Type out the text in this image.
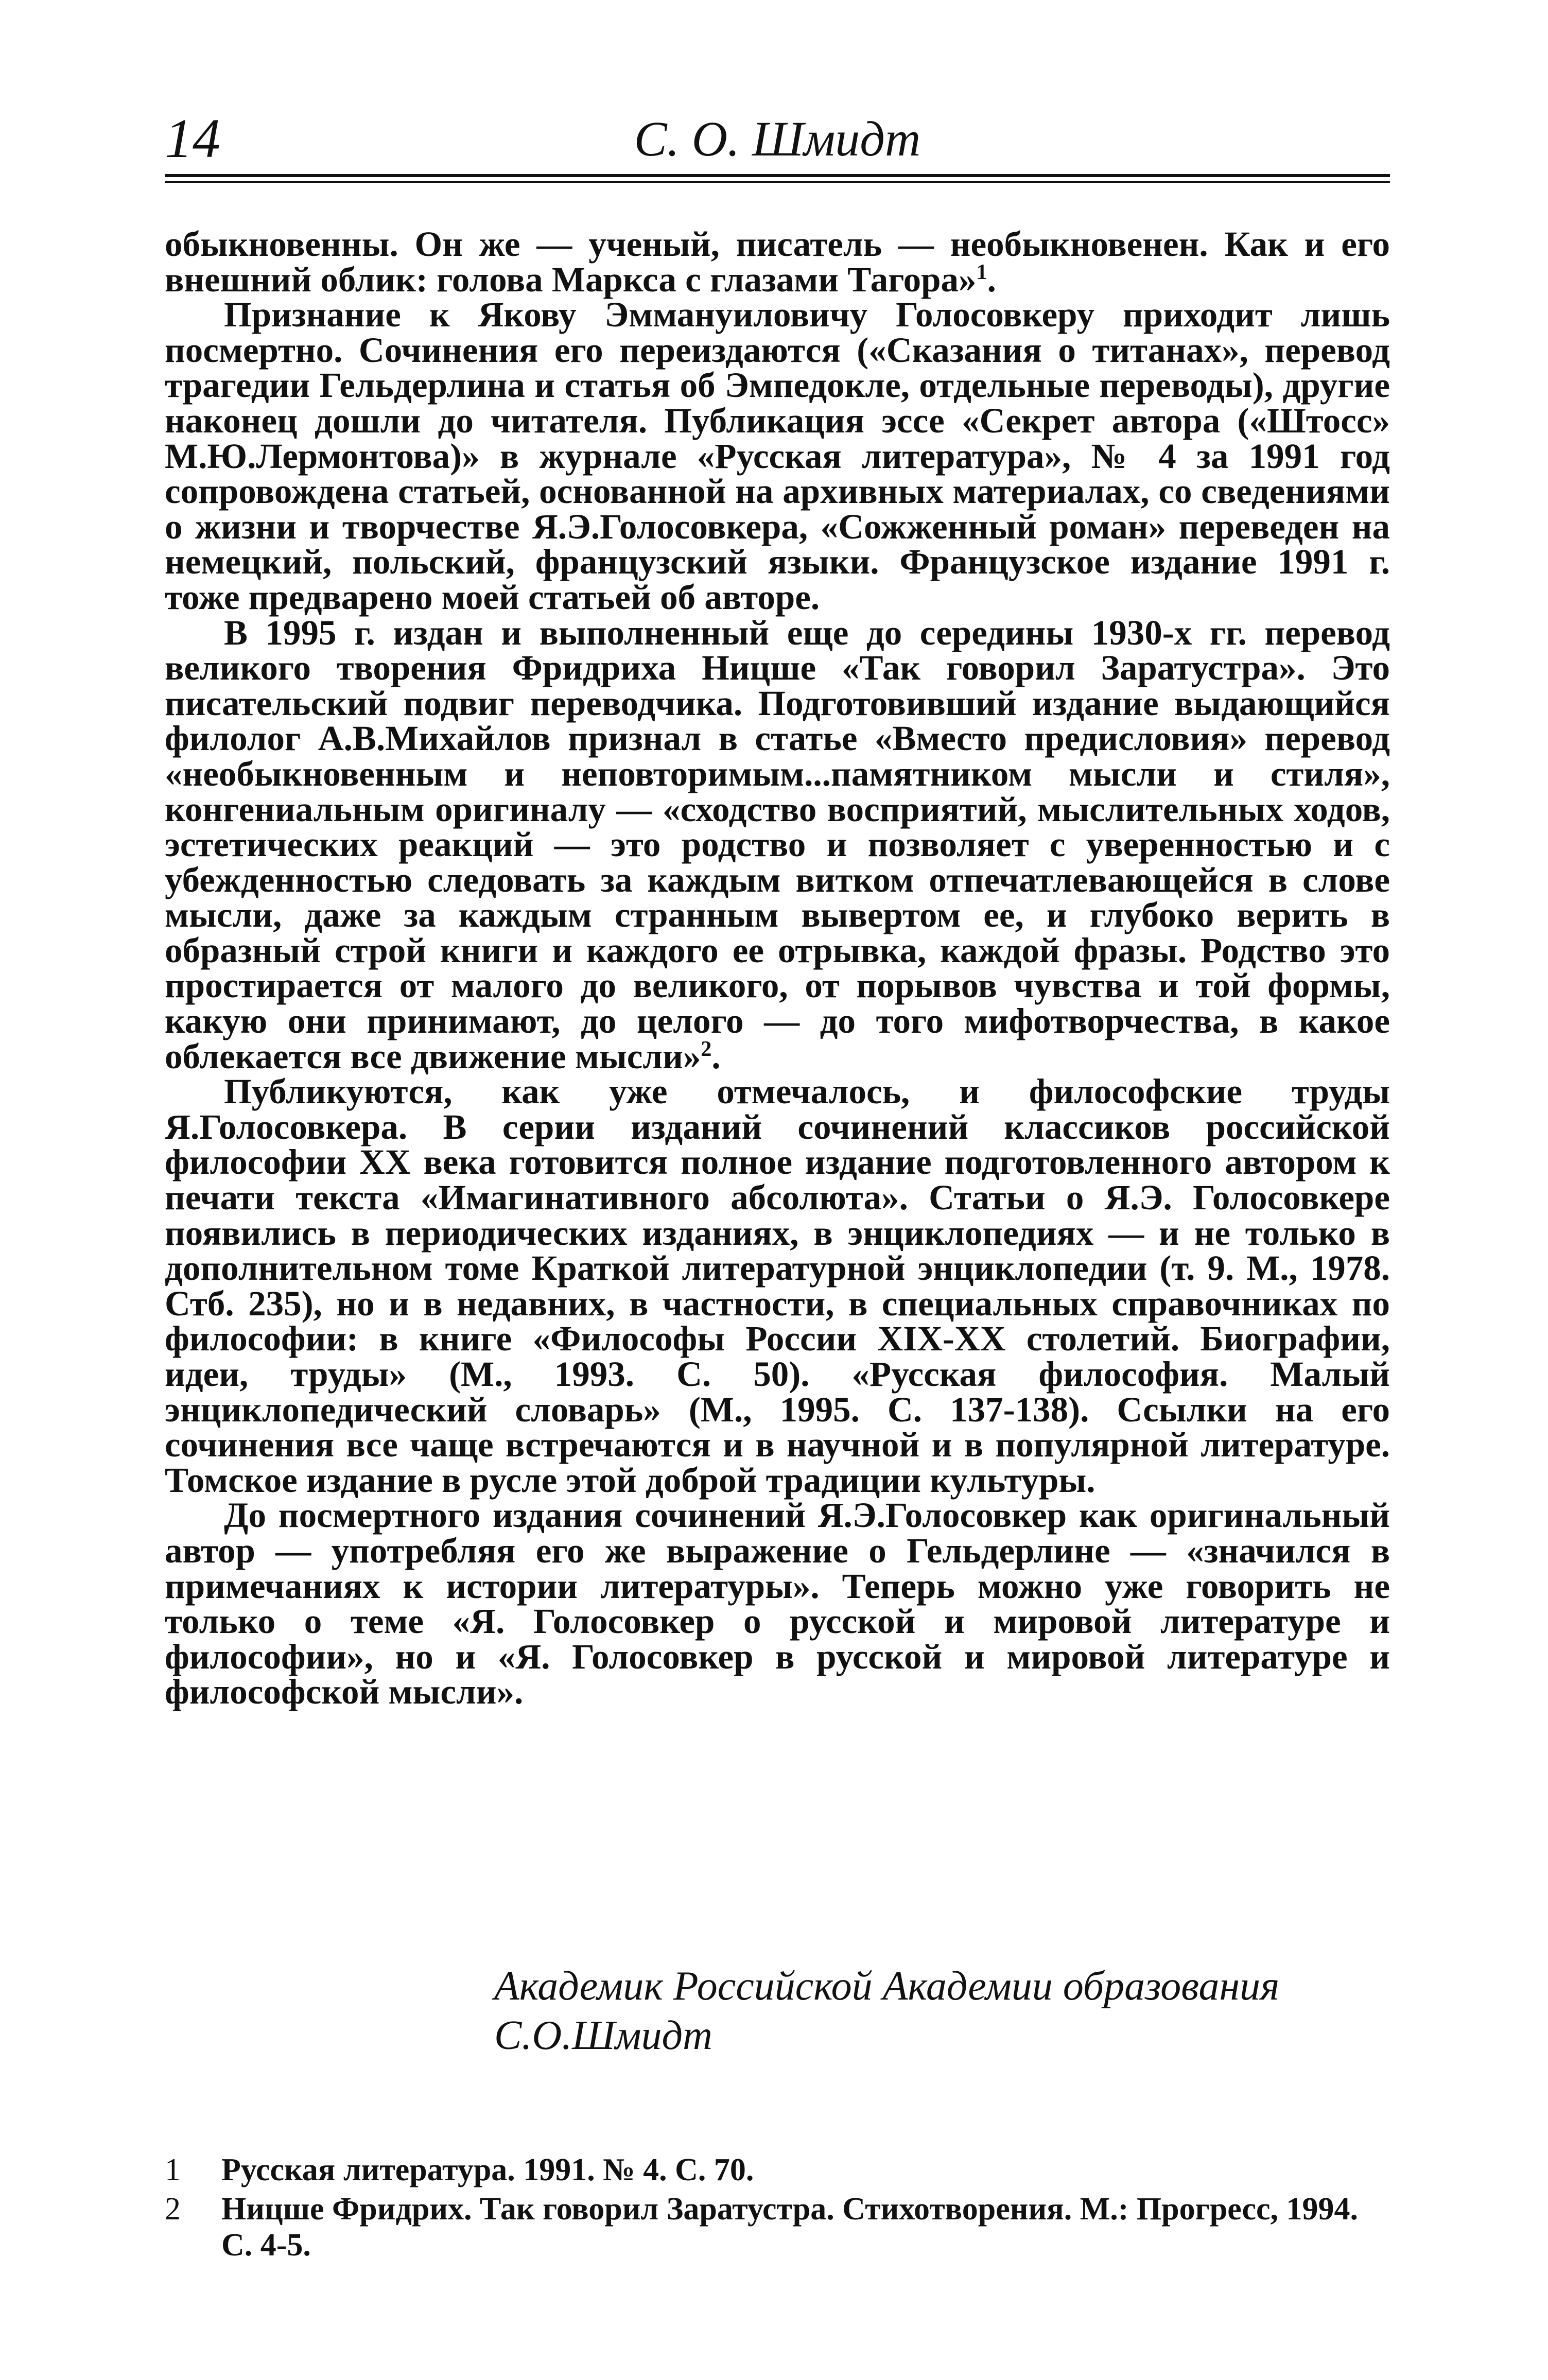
14	С. О. Шмидт

обыкновенны. Он же — ученый, писатель — необыкновенен. Как и его внешний облик: голова Маркса с глазами Тагора»$^1$.

Признание к Якову Эммануиловичу Голосовкеру приходит лишь посмертно. Сочинения его переиздаются («Сказания о титанах», перевод трагедии Гельдерлина и статья об Эмпедокле, отдельные переводы), другие наконец дошли до читателя. Публикация эссе «Секрет автора («Штосс» М.Ю.Лермонтова)» в журнале «Русская литература», № 4 за 1991 год сопровождена статьей, основанной на архивных материалах, со сведениями о жизни и творчестве Я.Э.Голосовкера, «Сожженный роман» переведен на немецкий, польский, французский языки. Французское издание 1991 г. тоже предварено моей статьей об авторе.

В 1995 г. издан и выполненный еще до середины 1930-х гг. перевод великого творения Фридриха Ницше «Так говорил Заратустра». Это писательский подвиг переводчика. Подготовивший издание выдающийся филолог А.В.Михайлов признал в статье «Вместо предисловия» перевод «необыкновенным и неповторимым...памятником мысли и стиля», конгениальным оригиналу — «сходство восприятий, мыслительных ходов, эстетических реакций — это родство и позволяет с уверенностью и с убежденностью следовать за каждым витком отпечатлевающейся в слове мысли, даже за каждым странным вывертом ее, и глубоко верить в образный строй книги и каждого ее отрывка, каждой фразы. Родство это простирается от малого до великого, от порывов чувства и той формы, какую они принимают, до целого — до того мифотворчества, в какое облекается все движение мысли»$^2$.

Публикуются, как уже отмечалось, и философские труды Я.Голосовкера. В серии изданий сочинений классиков российской философии XX века готовится полное издание подготовленного автором к печати текста «Имагинативного абсолюта». Статьи о Я.Э. Голосовкере появились в периодических изданиях, в энциклопедиях — и не только в дополнительном томе Краткой литературной энциклопедии (т. 9. М., 1978. Стб. 235), но и в недавних, в частности, в специальных справочниках по философии: в книге «Философы России XIX-XX столетий. Биографии, идеи, труды» (М., 1993. С. 50). «Русская философия. Малый энциклопедический словарь» (М., 1995. С. 137-138). Ссылки на его сочинения все чаще встречаются и в научной и в популярной литературе. Томское издание в русле этой доброй традиции культуры.

До посмертного издания сочинений Я.Э.Голосовкер как оригинальный автор — употребляя его же выражение о Гельдерлине — «значился в примечаниях к истории литературы». Теперь можно уже говорить не только о теме «Я. Голосовкер о русской и мировой литературе и философии», но и «Я. Голосовкер в русской и мировой литературе и философской мысли».

Академик Российской Академии образования
С.О.Шмидт
1 Русская литература. 1991. № 4. С. 70.
2 Ницше Фридрих. Так говорил Заратустра. Стихотворения. М.: Прогресс, 1994. С. 4-5.
